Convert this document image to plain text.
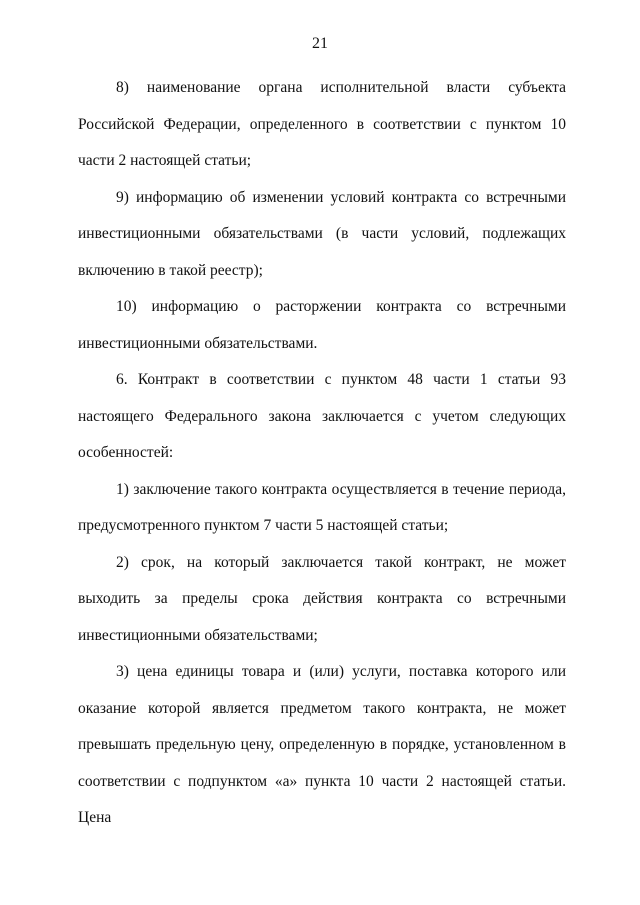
21

8) наименование органа исполнительной власти субъекта Российской Федерации, определенного в соответствии с пунктом 10 части 2 настоящей статьи;

9) информацию об изменении условий контракта со встречными инвестиционными обязательствами (в части условий, подлежащих включению в такой реестр);

10) информацию о расторжении контракта со встречными инвестиционными обязательствами.

6. Контракт в соответствии с пунктом 48 части 1 статьи 93 настоящего Федерального закона заключается с учетом следующих особенностей:

1) заключение такого контракта осуществляется в течение периода, предусмотренного пунктом 7 части 5 настоящей статьи;

2) срок, на который заключается такой контракт, не может выходить за пределы срока действия контракта со встречными инвестиционными обязательствами;

3) цена единицы товара и (или) услуги, поставка которого или оказание которой является предметом такого контракта, не может превышать предельную цену, определенную в порядке, установленном в соответствии с подпунктом «а» пункта 10 части 2 настоящей статьи. Цена
